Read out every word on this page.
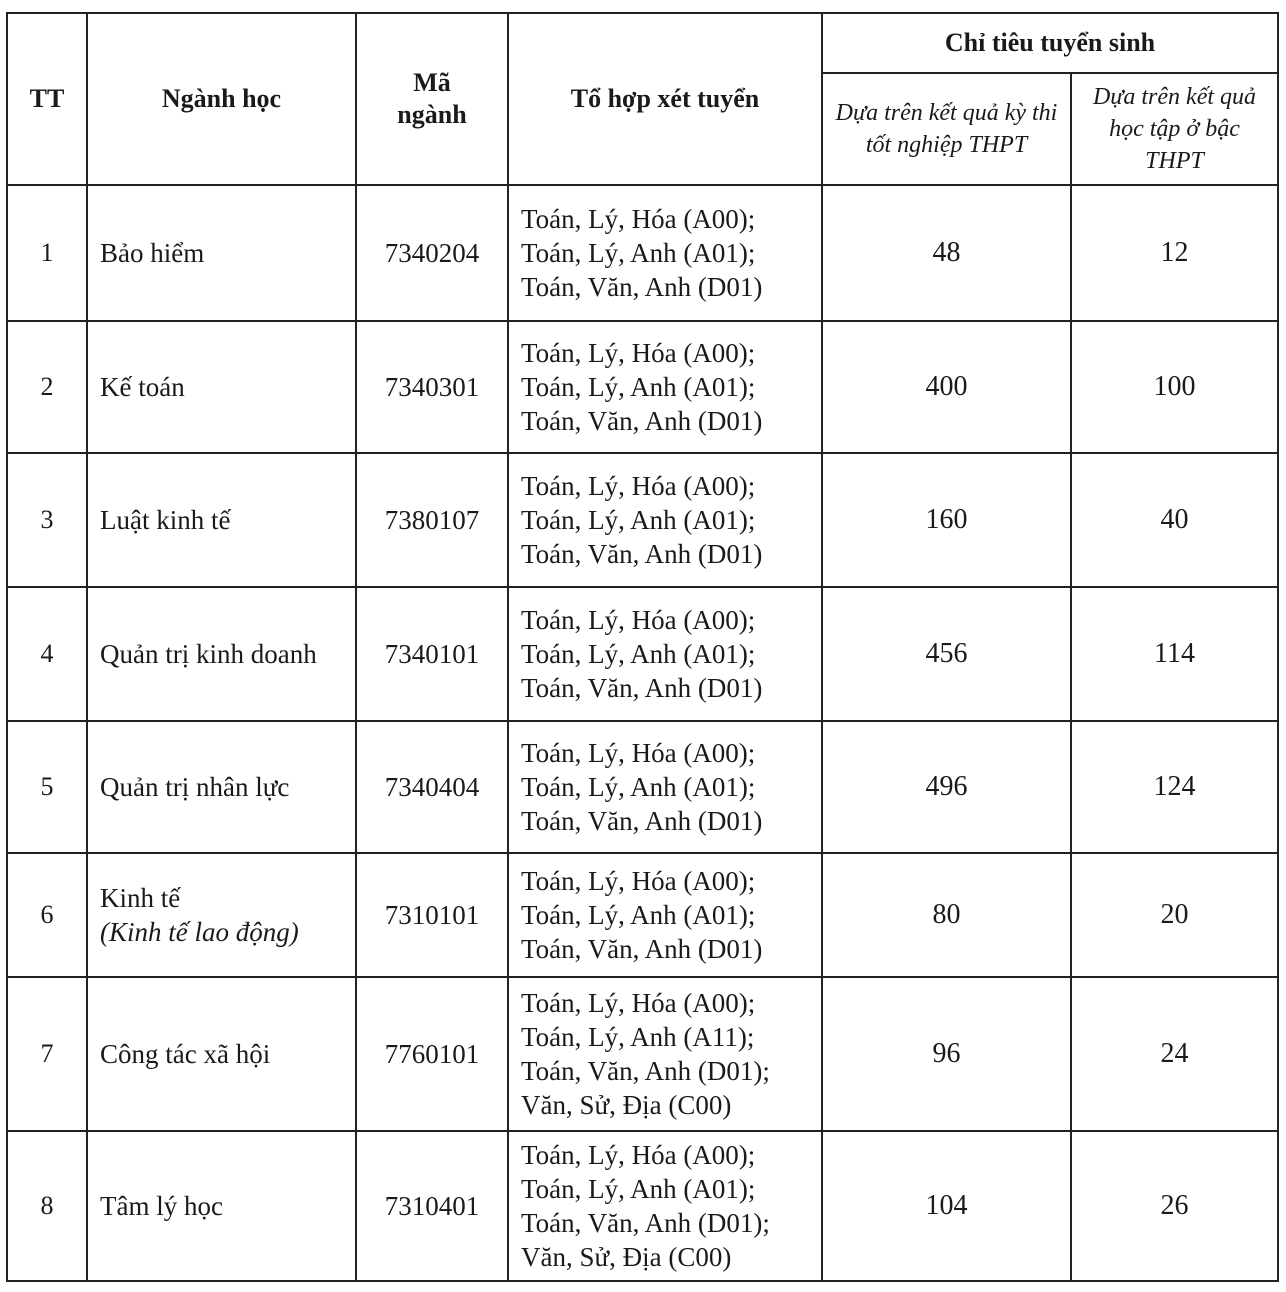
TT	Ngành học	Mã ngành	Tổ hợp xét tuyển	Chỉ tiêu tuyển sinh	
				Dựa trên kết quả kỳ thi tốt nghiệp THPT	Dựa trên kết quả học tập ở bậc THPT
1	Bảo hiểm	7340204	Toán, Lý, Hóa (A00);
Toán, Lý, Anh (A01);
Toán, Văn, Anh (D01)	48	12
2	Kế toán	7340301	Toán, Lý, Hóa (A00);
Toán, Lý, Anh (A01);
Toán, Văn, Anh (D01)	400	100
3	Luật kinh tế	7380107	Toán, Lý, Hóa (A00);
Toán, Lý, Anh (A01);
Toán, Văn, Anh (D01)	160	40
4	Quản trị kinh doanh	7340101	Toán, Lý, Hóa (A00);
Toán, Lý, Anh (A01);
Toán, Văn, Anh (D01)	456	114
5	Quản trị nhân lực	7340404	Toán, Lý, Hóa (A00);
Toán, Lý, Anh (A01);
Toán, Văn, Anh (D01)	496	124
6	Kinh tế
(Kinh tế lao động)	7310101	Toán, Lý, Hóa (A00);
Toán, Lý, Anh (A01);
Toán, Văn, Anh (D01)	80	20
7	Công tác xã hội	7760101	Toán, Lý, Hóa (A00);
Toán, Lý, Anh (A11);
Toán, Văn, Anh (D01);
Văn, Sử, Địa (C00)	96	24
8	Tâm lý học	7310401	Toán, Lý, Hóa (A00);
Toán, Lý, Anh (A01);
Toán, Văn, Anh (D01);
Văn, Sử, Địa (C00)	104	26
